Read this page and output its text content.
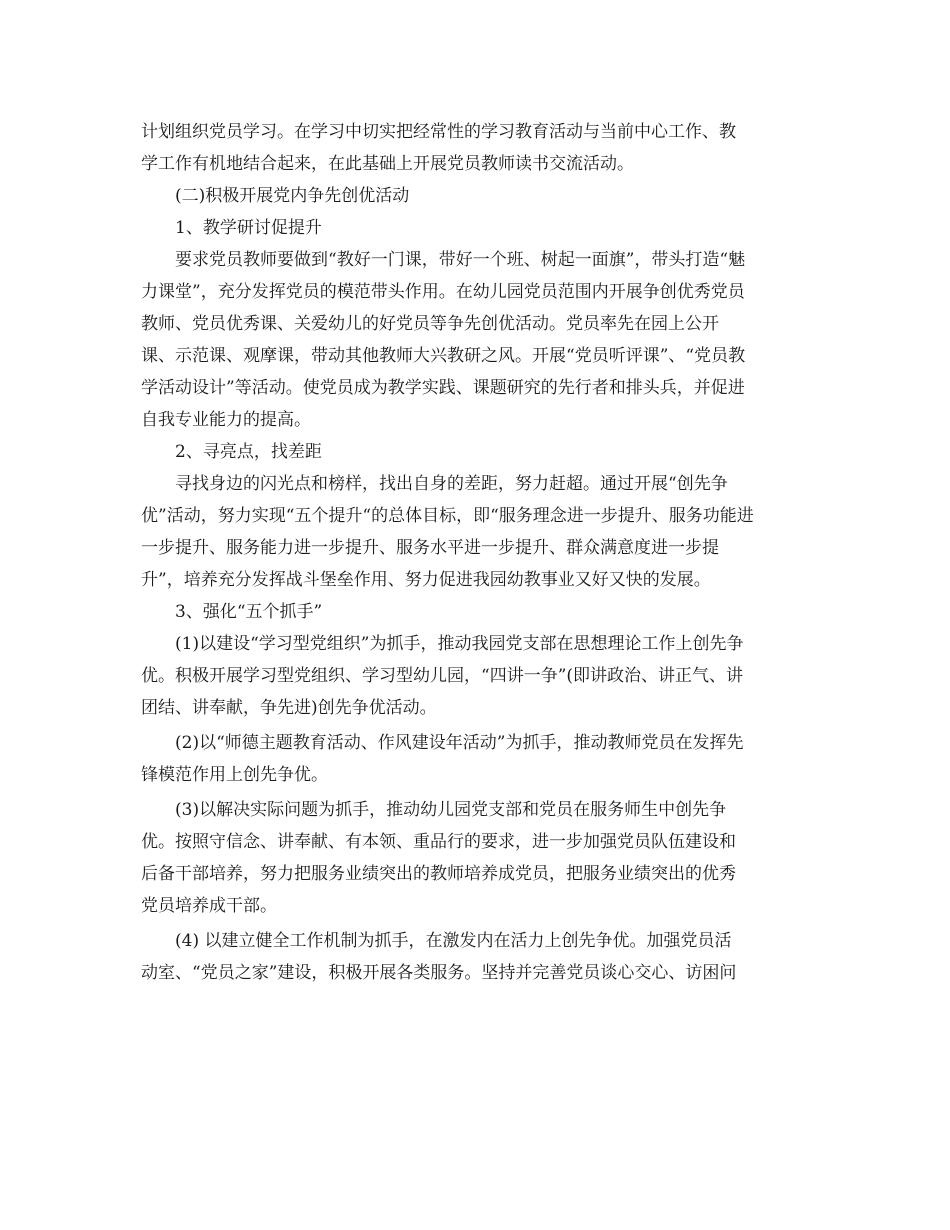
计划组织党员学习。在学习中切实把经常性的学习教育活动与当前中心工作、教
学工作有机地结合起来，在此基础上开展党员教师读书交流活动。
(二)积极开展党内争先创优活动
1、教学研讨促提升
要求党员教师要做到“教好一门课，带好一个班、树起一面旗”，带头打造“魅
力课堂”，充分发挥党员的模范带头作用。在幼儿园党员范围内开展争创优秀党员
教师、党员优秀课、关爱幼儿的好党员等争先创优活动。党员率先在园上公开
课、示范课、观摩课，带动其他教师大兴教研之风。开展“党员听评课”、“党员教
学活动设计”等活动。使党员成为教学实践、课题研究的先行者和排头兵，并促进
自我专业能力的提高。
2、寻亮点，找差距
寻找身边的闪光点和榜样，找出自身的差距，努力赶超。通过开展“创先争
优”活动，努力实现“五个提升“的总体目标，即“服务理念进一步提升、服务功能进
一步提升、服务能力进一步提升、服务水平进一步提升、群众满意度进一步提
升”，培养充分发挥战斗堡垒作用、努力促进我园幼教事业又好又快的发展。
3、强化“五个抓手”
(1)以建设“学习型党组织”为抓手，推动我园党支部在思想理论工作上创先争
优。积极开展学习型党组织、学习型幼儿园，“四讲一争”(即讲政治、讲正气、讲
团结、讲奉献，争先进)创先争优活动。
(2)以“师德主题教育活动、作风建设年活动”为抓手，推动教师党员在发挥先
锋模范作用上创先争优。
(3)以解决实际问题为抓手，推动幼儿园党支部和党员在服务师生中创先争
优。按照守信念、讲奉献、有本领、重品行的要求，进一步加强党员队伍建设和
后备干部培养，努力把服务业绩突出的教师培养成党员，把服务业绩突出的优秀
党员培养成干部。
(4) 以建立健全工作机制为抓手，在激发内在活力上创先争优。加强党员活
动室、“党员之家”建设，积极开展各类服务。坚持并完善党员谈心交心、访困问
